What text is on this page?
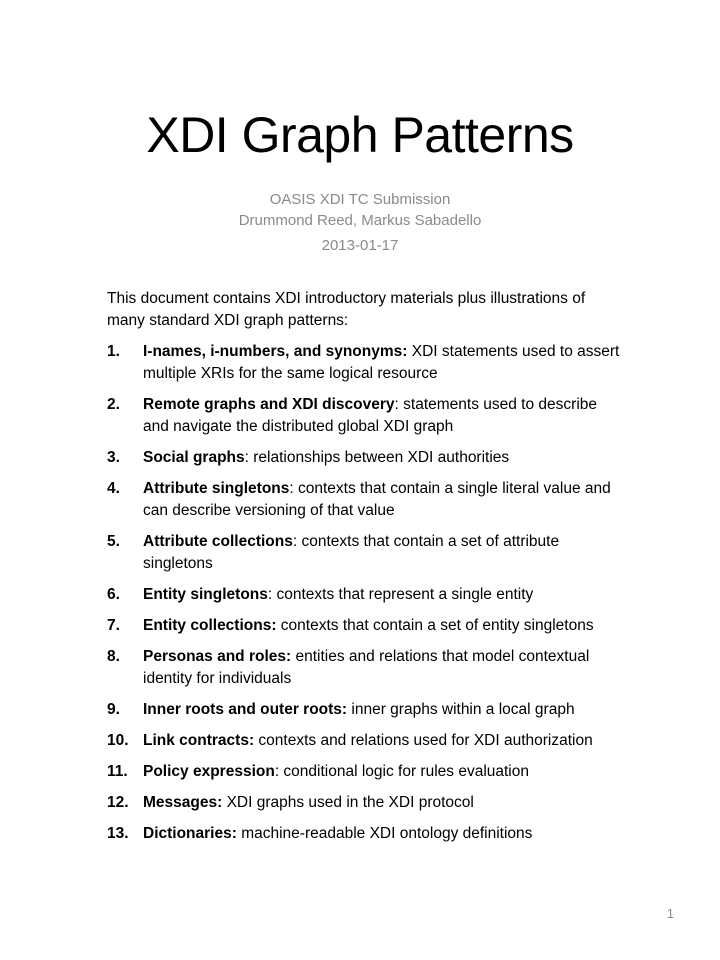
XDI Graph Patterns
OASIS XDI TC Submission
Drummond Reed, Markus Sabadello
2013-01-17

This document contains XDI introductory materials plus illustrations of many standard XDI graph patterns:

1. I-names, i-numbers, and synonyms: XDI statements used to assert multiple XRIs for the same logical resource
2. Remote graphs and XDI discovery: statements used to describe and navigate the distributed global XDI graph
3. Social graphs: relationships between XDI authorities
4. Attribute singletons: contexts that contain a single literal value and can describe versioning of that value
5. Attribute collections: contexts that contain a set of attribute singletons
6. Entity singletons: contexts that represent a single entity
7. Entity collections: contexts that contain a set of entity singletons
8. Personas and roles: entities and relations that model contextual identity for individuals
9. Inner roots and outer roots: inner graphs within a local graph
10. Link contracts: contexts and relations used for XDI authorization
11. Policy expression: conditional logic for rules evaluation
12. Messages: XDI graphs used in the XDI protocol
13. Dictionaries: machine-readable XDI ontology definitions
1
